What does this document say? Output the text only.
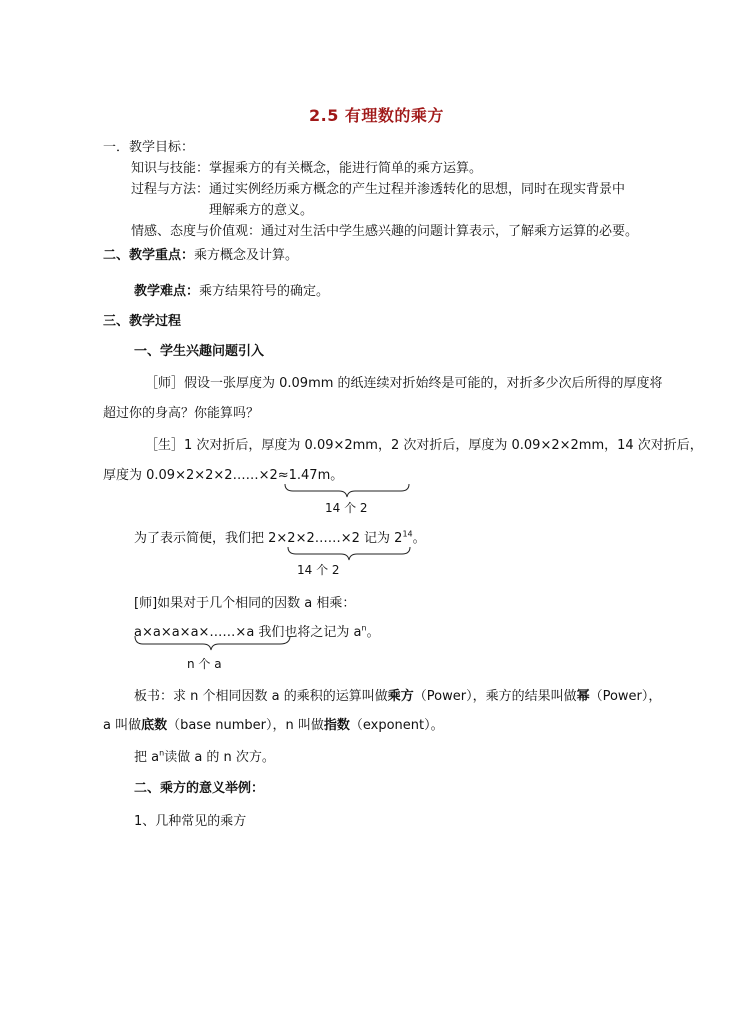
2.5 有理数的乘方
一．教学目标：
知识与技能：掌握乘方的有关概念，能进行简单的乘方运算。
过程与方法：通过实例经历乘方概念的产生过程并渗透转化的思想，同时在现实背景中
理解乘方的意义。
情感、态度与价值观：通过对生活中学生感兴趣的问题计算表示，了解乘方运算的必要。
二、教学重点：乘方概念及计算。
教学难点：乘方结果符号的确定。
三、教学过程
一、学生兴趣问题引入
［师］假设一张厚度为 0.09mm 的纸连续对折始终是可能的，对折多少次后所得的厚度将
超过你的身高？你能算吗？
［生］1 次对折后，厚度为 0.09×2mm，2 次对折后，厚度为 0.09×2×2mm，14 次对折后，
厚度为 0.09×2×2×2……×2≈1.47m。
14 个 2
为了表示简便，我们把 2×2×2……×2 记为 $2^{14}$。
14 个 2
[师]如果对于几个相同的因数 a 相乘：
a×a×a×a×……×a 我们也将之记为 $a^n$。
n 个 a
板书：求 n 个相同因数 a 的乘积的运算叫做乘方（Power），乘方的结果叫做幂（Power），
a 叫做底数（base number），n 叫做指数（exponent）。
把 $a^n$读做 a 的 n 次方。
二、乘方的意义举例：
1、几种常见的乘方
